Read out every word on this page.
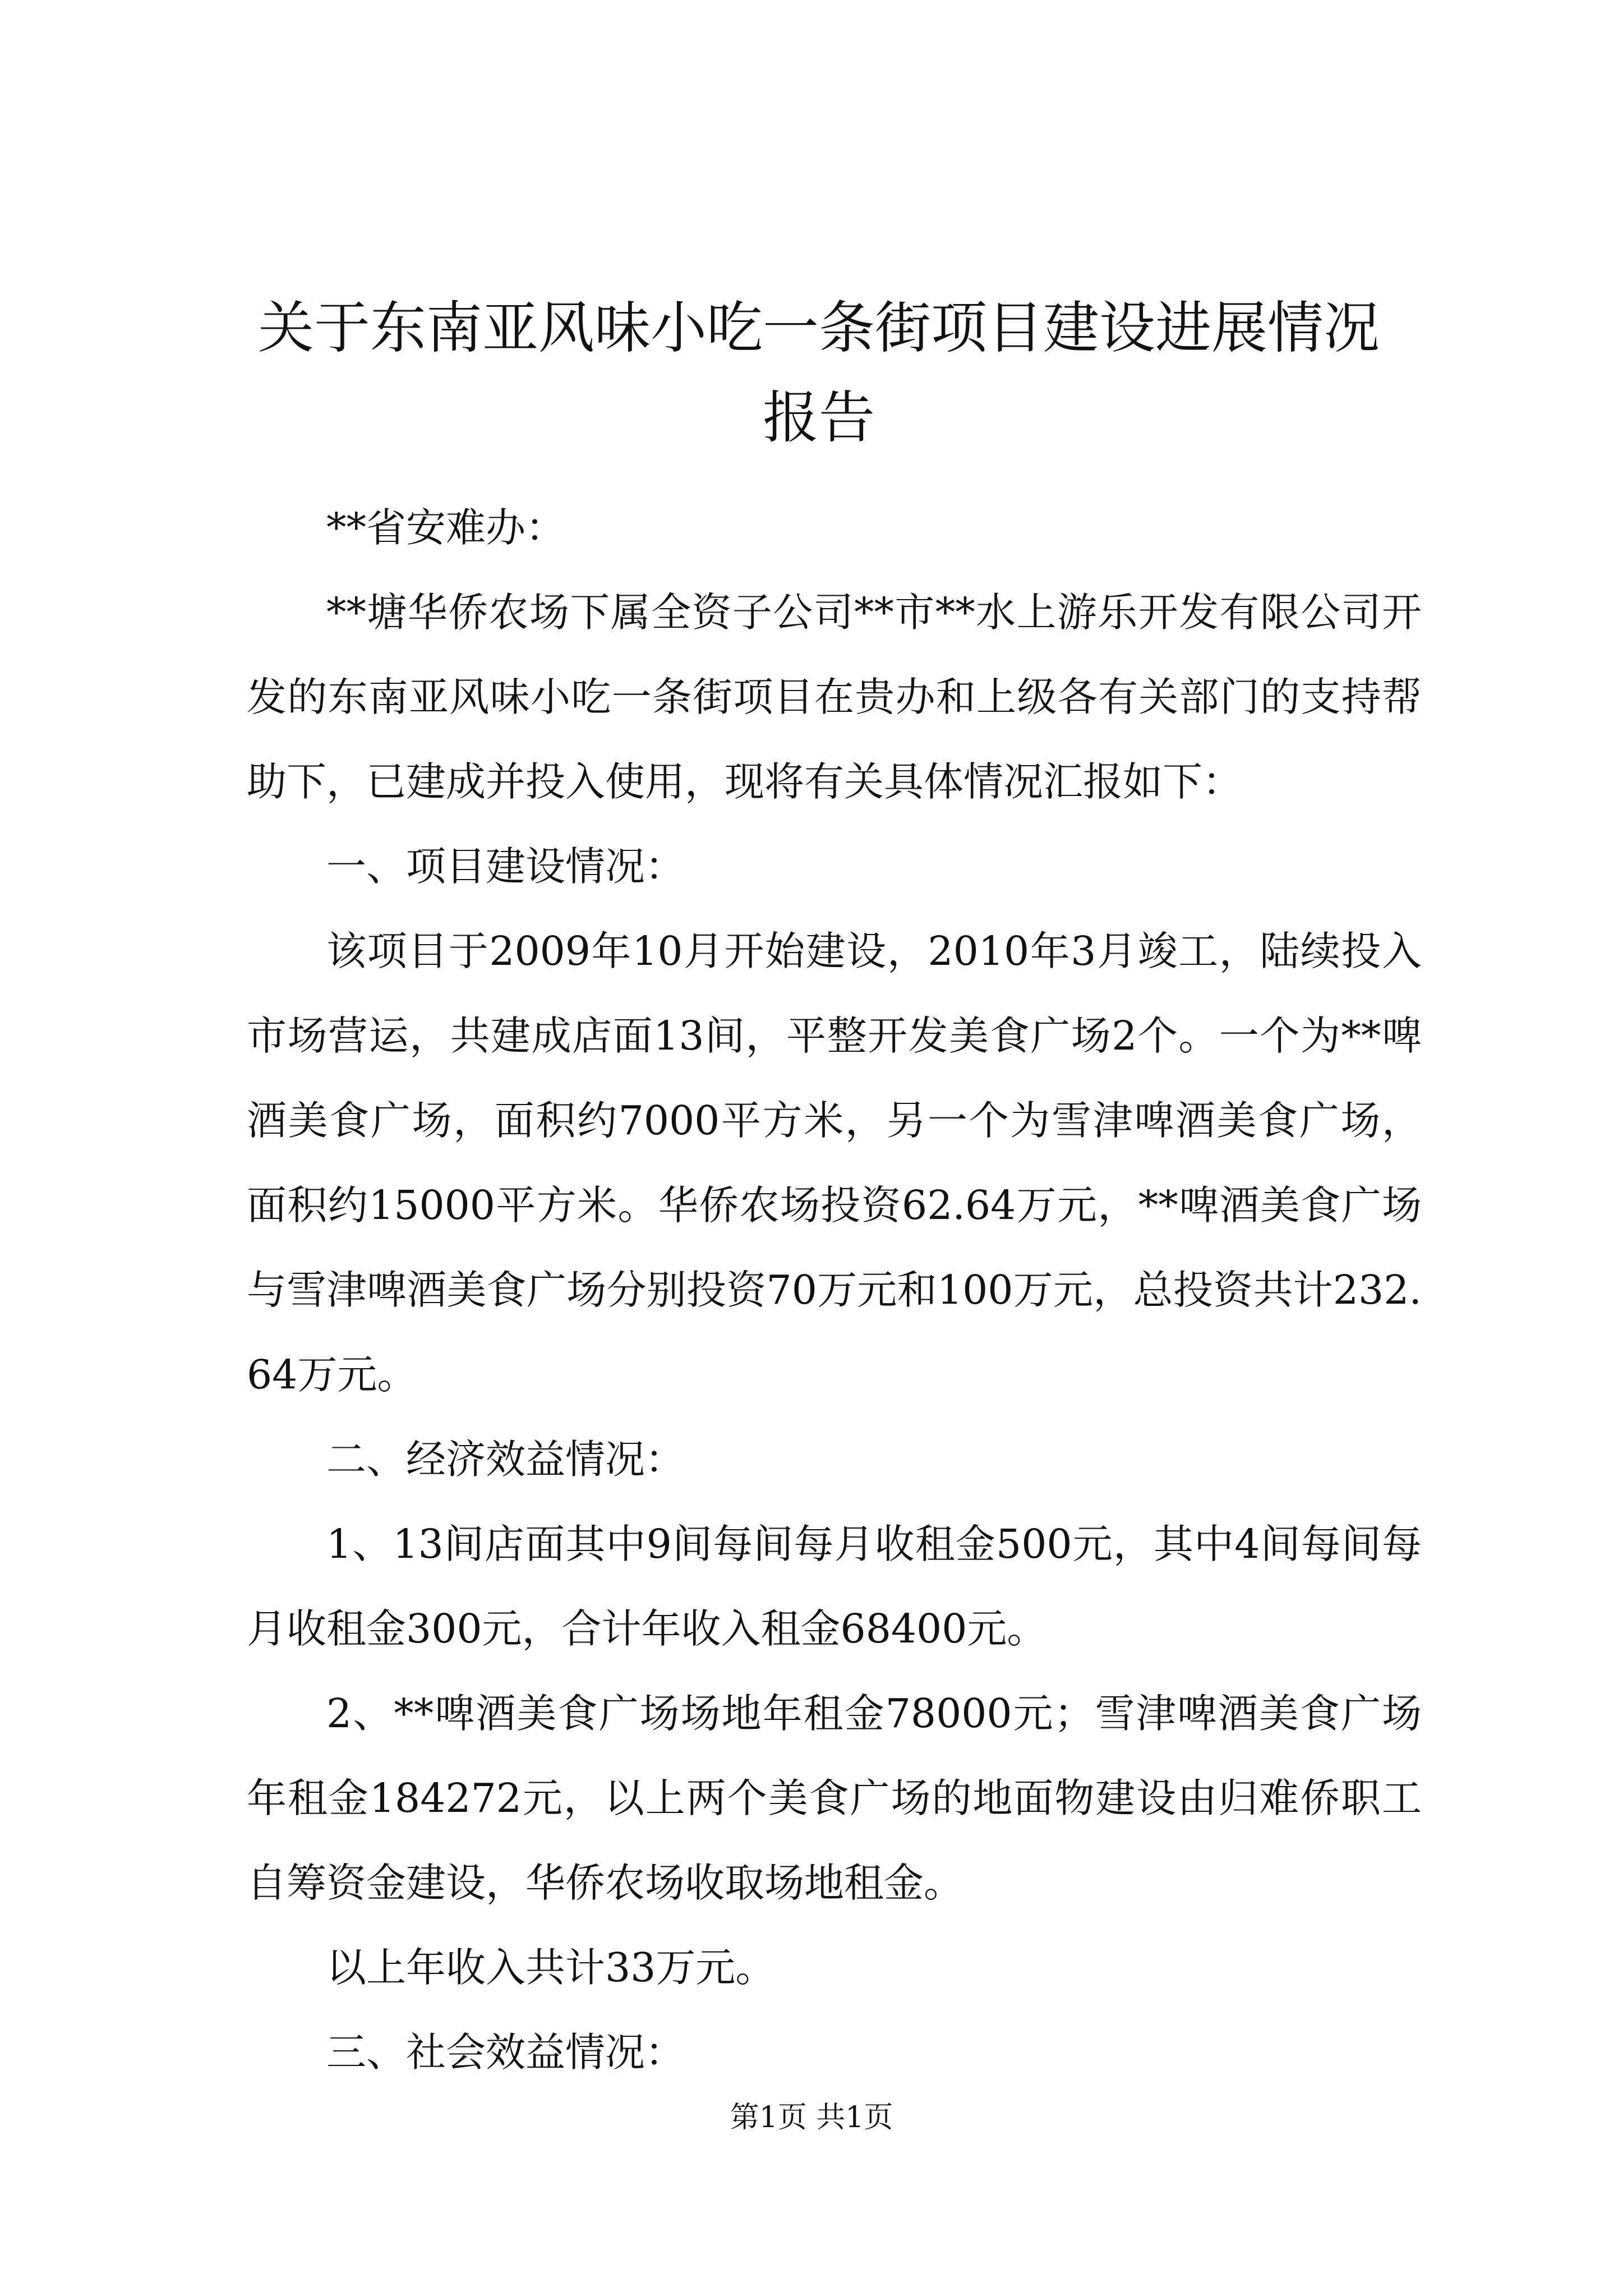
关于东南亚风味小吃一条街项目建设进展情况
报告

**省安难办：

**塘华侨农场下属全资子公司**市**水上游乐开发有限公司开发的东南亚风味小吃一条街项目在贵办和上级各有关部门的支持帮助下，已建成并投入使用，现将有关具体情况汇报如下：

一、项目建设情况：

该项目于2009年10月开始建设，2010年3月竣工，陆续投入市场营运，共建成店面13间，平整开发美食广场2个。一个为**啤酒美食广场，面积约7000平方米，另一个为雪津啤酒美食广场，面积约15000平方米。华侨农场投资62.64万元，**啤酒美食广场与雪津啤酒美食广场分别投资70万元和100万元，总投资共计232.64万元。

二、经济效益情况：

1、13间店面其中9间每间每月收租金500元，其中4间每间每月收租金300元，合计年收入租金68400元。

2、**啤酒美食广场场地年租金78000元；雪津啤酒美食广场年租金184272元，以上两个美食广场的地面物建设由归难侨职工自筹资金建设，华侨农场收取场地租金。

以上年收入共计33万元。

三、社会效益情况：

第1页 共1页
